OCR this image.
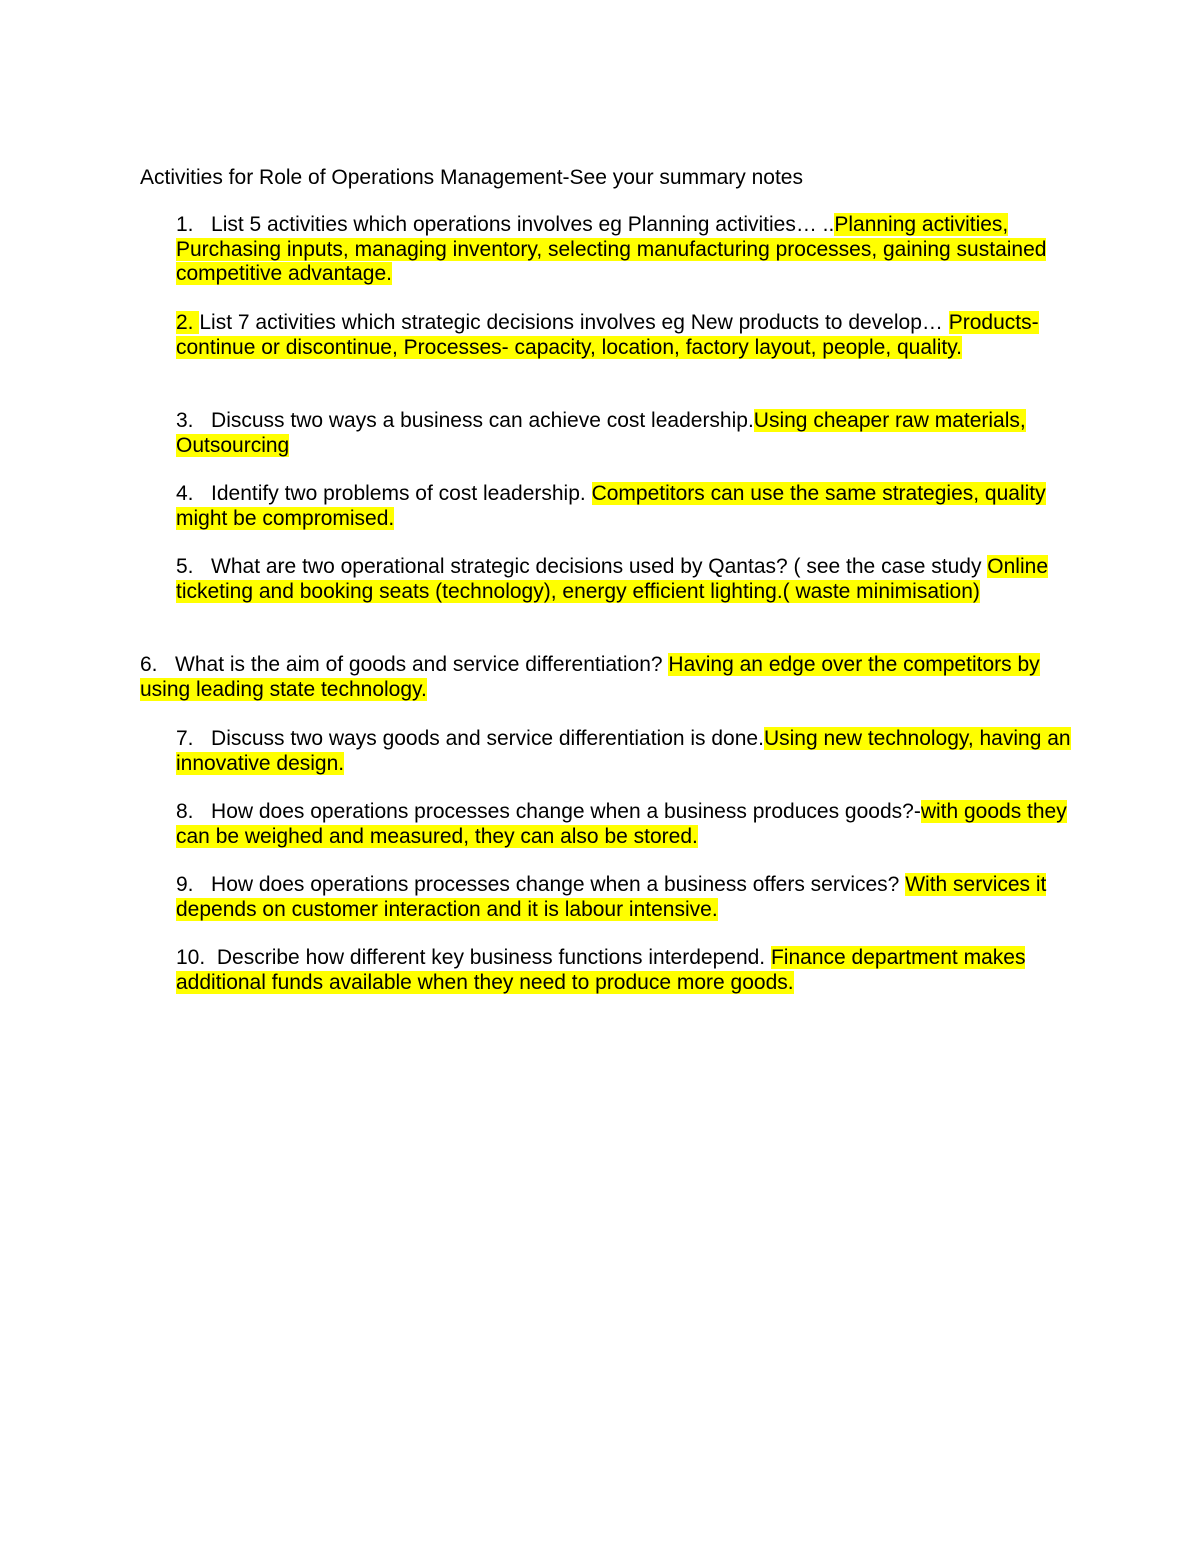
Activities for Role of Operations Management-See your summary notes
1.   List 5 activities which operations involves eg Planning activities… ..Planning activities, Purchasing inputs, managing inventory, selecting manufacturing processes, gaining sustained competitive advantage.
2. List 7 activities which strategic decisions involves eg New products to develop… Products-continue or discontinue, Processes- capacity, location, factory layout, people, quality.
3.   Discuss two ways a business can achieve cost leadership.Using cheaper raw materials, Outsourcing
4.   Identify two problems of cost leadership. Competitors can use the same strategies, quality might be compromised.
5.   What are two operational strategic decisions used by Qantas? ( see the case study Online ticketing and booking seats (technology), energy efficient lighting.( waste minimisation)
6.   What is the aim of goods and service differentiation? Having an edge over the competitors by using leading state technology.
7.   Discuss two ways goods and service differentiation is done.Using new technology, having an innovative design.
8.   How does operations processes change when a business produces goods?-with goods they can be weighed and measured, they can also be stored.
9.   How does operations processes change when a business offers services? With services it depends on customer interaction and it is labour intensive.
10.  Describe how different key business functions interdepend. Finance department makes additional funds available when they need to produce more goods.
